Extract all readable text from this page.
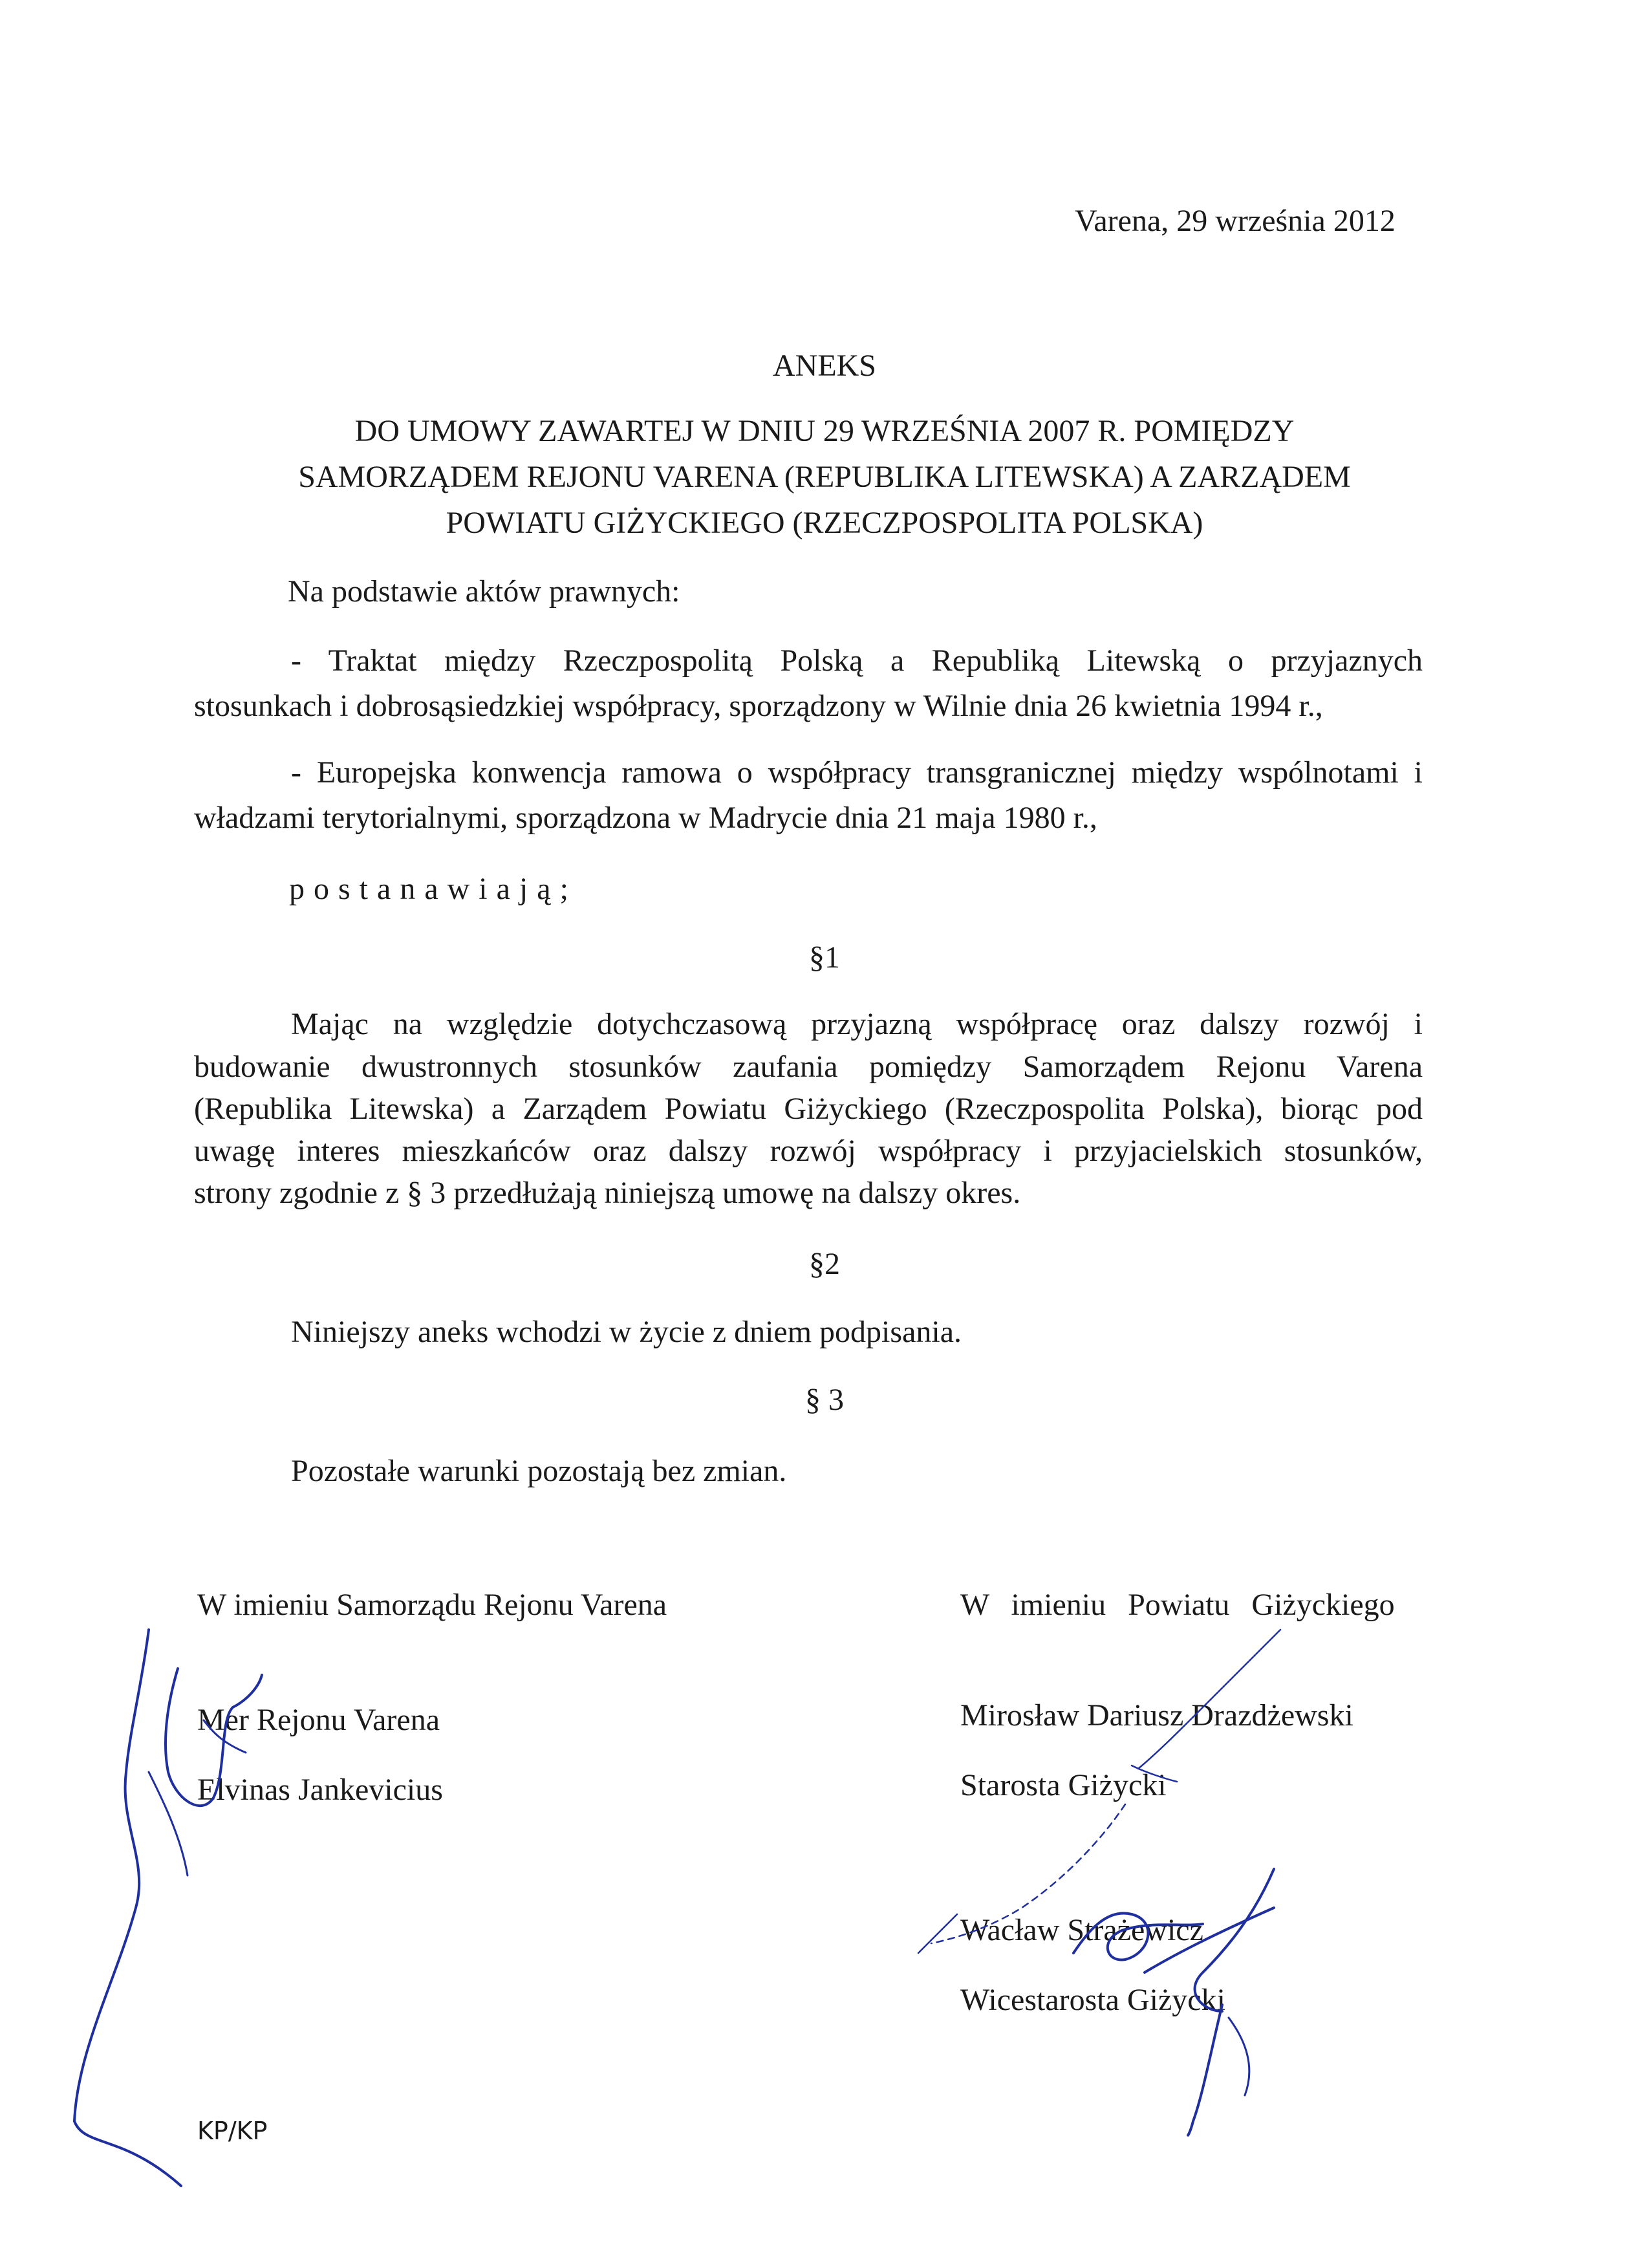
Varena, 29 września 2012
ANEKS
DO UMOWY ZAWARTEJ W DNIU 29 WRZEŚNIA 2007 R. POMIĘDZY
SAMORZĄDEM REJONU VARENA (REPUBLIKA LITEWSKA) A ZARZĄDEM
POWIATU GIŻYCKIEGO (RZECZPOSPOLITA POLSKA)
Na podstawie aktów prawnych:
- Traktat między Rzeczpospolitą Polską a Republiką Litewską o przyjaznych
stosunkach i dobrosąsiedzkiej współpracy, sporządzony w Wilnie dnia 26 kwietnia 1994 r.,
- Europejska konwencja ramowa o współpracy transgranicznej między wspólnotami i
władzami terytorialnymi, sporządzona w Madrycie dnia 21 maja 1980 r.,
postanawiają;
§1
Mając na względzie dotychczasową przyjazną współpracę oraz dalszy rozwój i
budowanie dwustronnych stosunków zaufania pomiędzy Samorządem Rejonu Varena
(Republika Litewska) a Zarządem Powiatu Giżyckiego (Rzeczpospolita Polska), biorąc pod
uwagę interes mieszkańców oraz dalszy rozwój współpracy i przyjacielskich stosunków,
strony zgodnie z § 3 przedłużają niniejszą umowę na dalszy okres.
§2
Niniejszy aneks wchodzi w życie z dniem podpisania.
§ 3
Pozostałe warunki pozostają bez zmian.
W imieniu Samorządu Rejonu Varena
Mer Rejonu Varena
Elvinas Jankevicius
W imieniu Powiatu Giżyckiego
Mirosław Dariusz Drazdżewski
Starosta Giżycki
Wacław Strażewicz
Wicestarosta Giżycki
KP/KP
